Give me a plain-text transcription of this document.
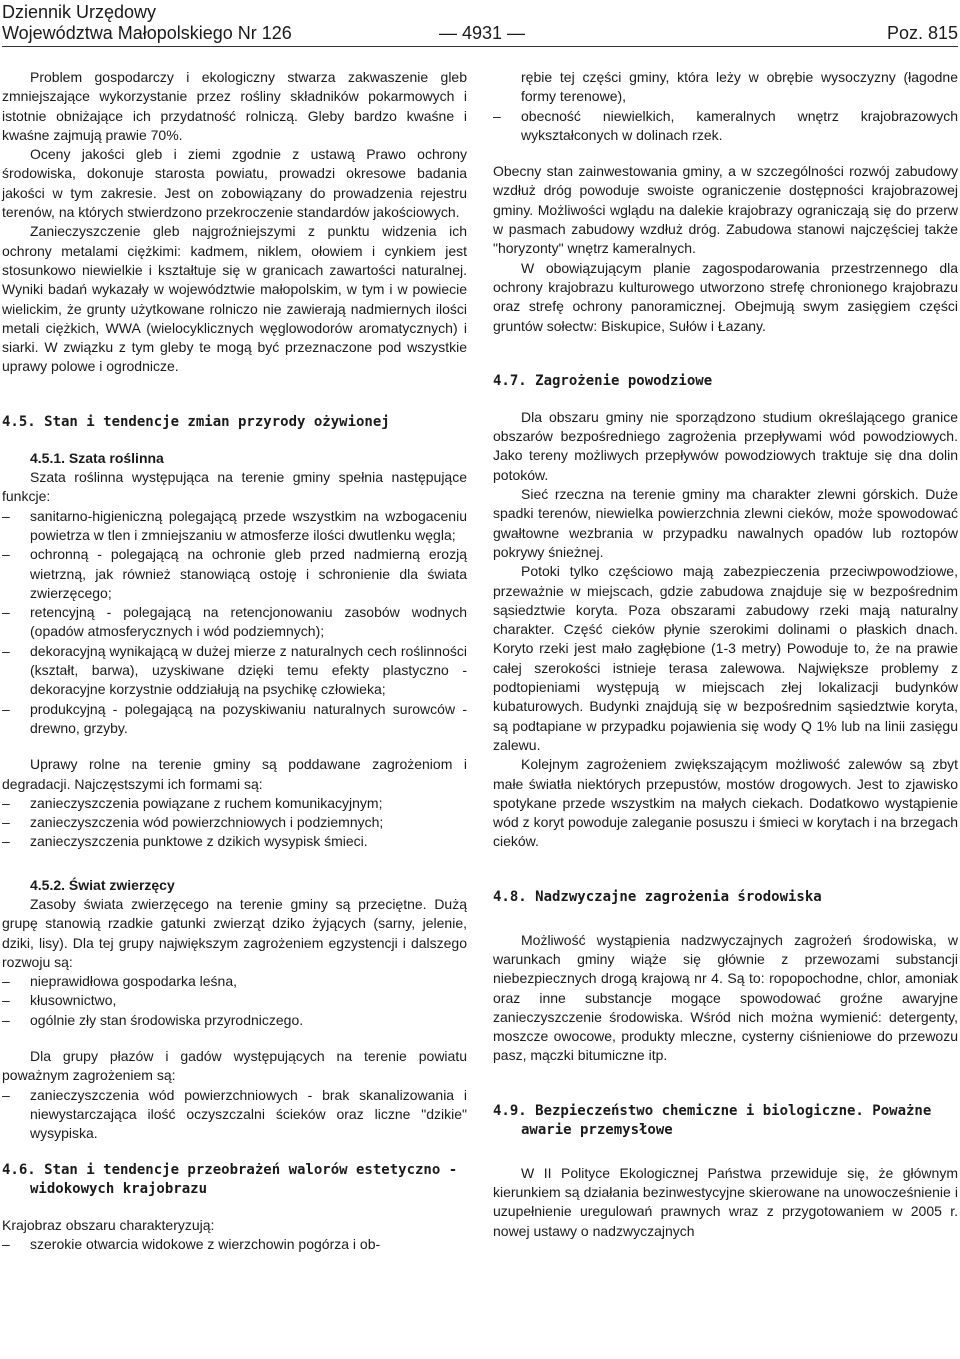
Dziennik Urzędowy
Województwa Małopolskiego Nr 126	— 4931 —	Poz. 815

Problem gospodarczy i ekologiczny stwarza zakwaszenie gleb zmniejszające wykorzystanie przez rośliny składników pokarmowych i istotnie obniżające ich przydatność rolniczą. Gleby bardzo kwaśne i kwaśne zajmują prawie 70%.

Oceny jakości gleb i ziemi zgodnie z ustawą Prawo ochrony środowiska, dokonuje starosta powiatu, prowadzi okresowe badania jakości w tym zakresie. Jest on zobowiązany do prowadzenia rejestru terenów, na których stwierdzono przekroczenie standardów jakościowych.

Zanieczyszczenie gleb najgroźniejszymi z punktu widzenia ich ochrony metalami ciężkimi: kadmem, niklem, ołowiem i cynkiem jest stosunkowo niewielkie i kształtuje się w granicach zawartości naturalnej. Wyniki badań wykazały w województwie małopolskim, w tym i w powiecie wielickim, że grunty użytkowane rolniczo nie zawierają nadmiernych ilości metali ciężkich, WWA (wielocyklicznych węglowodorów aromatycznych) i siarki. W związku z tym gleby te mogą być przeznaczone pod wszystkie uprawy polowe i ogrodnicze.

4.5. Stan i tendencje zmian przyrody ożywionej
4.5.1. Szata roślinna

Szata roślinna występująca na terenie gminy spełnia następujące funkcje:

– sanitarno-higieniczną polegającą przede wszystkim na wzbogaceniu powietrza w tlen i zmniejszaniu w atmosferze ilości dwutlenku węgla;
– ochronną - polegającą na ochronie gleb przed nadmierną erozją wietrzną, jak również stanowiącą ostoję i schronienie dla świata zwierzęcego;
– retencyjną - polegającą na retencjonowaniu zasobów wodnych (opadów atmosferycznych i wód podziemnych);
– dekoracyjną wynikającą w dużej mierze z naturalnych cech roślinności (kształt, barwa), uzyskiwane dzięki temu efekty plastyczno - dekoracyjne korzystnie oddziałują na psychikę człowieka;
– produkcyjną - polegającą na pozyskiwaniu naturalnych surowców - drewno, grzyby.

Uprawy rolne na terenie gminy są poddawane zagrożeniom i degradacji. Najczęstszymi ich formami są:

– zanieczyszczenia powiązane z ruchem komunikacyjnym;
– zanieczyszczenia wód powierzchniowych i podziemnych;
– zanieczyszczenia punktowe z dzikich wysypisk śmieci.
4.5.2. Świat zwierzęcy

Zasoby świata zwierzęcego na terenie gminy są przeciętne. Dużą grupę stanowią rzadkie gatunki zwierząt dziko żyjących (sarny, jelenie, dziki, lisy). Dla tej grupy największym zagrożeniem egzystencji i dalszego rozwoju są:

– nieprawidłowa gospodarka leśna,
– kłusownictwo,
– ogólnie zły stan środowiska przyrodniczego.

Dla grupy płazów i gadów występujących na terenie powiatu poważnym zagrożeniem są:

– zanieczyszczenia wód powierzchniowych - brak skanalizowania i niewystarczająca ilość oczyszczalni ścieków oraz liczne "dzikie" wysypiska.
4.6. Stan i tendencje przeobrażeń walorów estetyczno - widokowych krajobrazu

Krajobraz obszaru charakteryzują:

– szerokie otwarcia widokowe z wierzchowin pogórza i ob-

rębie tej części gminy, która leży w obrębie wysoczyzny (łagodne formy terenowe),

– obecność niewielkich, kameralnych wnętrz krajobrazowych wykształconych w dolinach rzek.

Obecny stan zainwestowania gminy, a w szczególności rozwój zabudowy wzdłuż dróg powoduje swoiste ograniczenie dostępności krajobrazowej gminy. Możliwości wglądu na dalekie krajobrazy ograniczają się do przerw w pasmach zabudowy wzdłuż dróg. Zabudowa stanowi najczęściej także "horyzonty" wnętrz kameralnych.

W obowiązującym planie zagospodarowania przestrzennego dla ochrony krajobrazu kulturowego utworzono strefę chronionego krajobrazu oraz strefę ochrony panoramicznej. Obejmują swym zasięgiem części gruntów sołectw: Biskupice, Sułów i Łazany.

4.7. Zagrożenie powodziowe

Dla obszaru gminy nie sporządzono studium określającego granice obszarów bezpośredniego zagrożenia przepływami wód powodziowych. Jako tereny możliwych przepływów powodziowych traktuje się dna dolin potoków.

Sieć rzeczna na terenie gminy ma charakter zlewni górskich. Duże spadki terenów, niewielka powierzchnia zlewni cieków, może spowodować gwałtowne wezbrania w przypadku nawalnych opadów lub roztopów pokrywy śnieżnej.

Potoki tylko częściowo mają zabezpieczenia przeciwpowodziowe, przeważnie w miejscach, gdzie zabudowa znajduje się w bezpośrednim sąsiedztwie koryta. Poza obszarami zabudowy rzeki mają naturalny charakter. Część cieków płynie szerokimi dolinami o płaskich dnach. Koryto rzeki jest mało zagłębione (1-3 metry) Powoduje to, że na prawie całej szerokości istnieje terasa zalewowa. Największe problemy z podtopieniami występują w miejscach złej lokalizacji budynków kubaturowych. Budynki znajdują się w bezpośrednim sąsiedztwie koryta, są podtapiane w przypadku pojawienia się wody Q 1% lub na linii zasięgu zalewu.

Kolejnym zagrożeniem zwiększającym możliwość zalewów są zbyt małe światła niektórych przepustów, mostów drogowych. Jest to zjawisko spotykane przede wszystkim na małych ciekach. Dodatkowo wystąpienie wód z koryt powoduje zaleganie posuszu i śmieci w korytach i na brzegach cieków.

4.8. Nadzwyczajne zagrożenia środowiska

Możliwość wystąpienia nadzwyczajnych zagrożeń środowiska, w warunkach gminy wiąże się głównie z przewozami substancji niebezpiecznych drogą krajową nr 4. Są to: ropopochodne, chlor, amoniak oraz inne substancje mogące spowodować groźne awaryjne zanieczyszczenie środowiska. Wśród nich można wymienić: detergenty, moszcze owocowe, produkty mleczne, cysterny ciśnieniowe do przewozu pasz, mączki bitumiczne itp.

4.9. Bezpieczeństwo chemiczne i biologiczne. Poważne awarie przemysłowe

W II Polityce Ekologicznej Państwa przewiduje się, że głównym kierunkiem są działania bezinwestycyjne skierowane na unowocześnienie i uzupełnienie uregulowań prawnych wraz z przygotowaniem w 2005 r. nowej ustawy o nadzwyczajnych
